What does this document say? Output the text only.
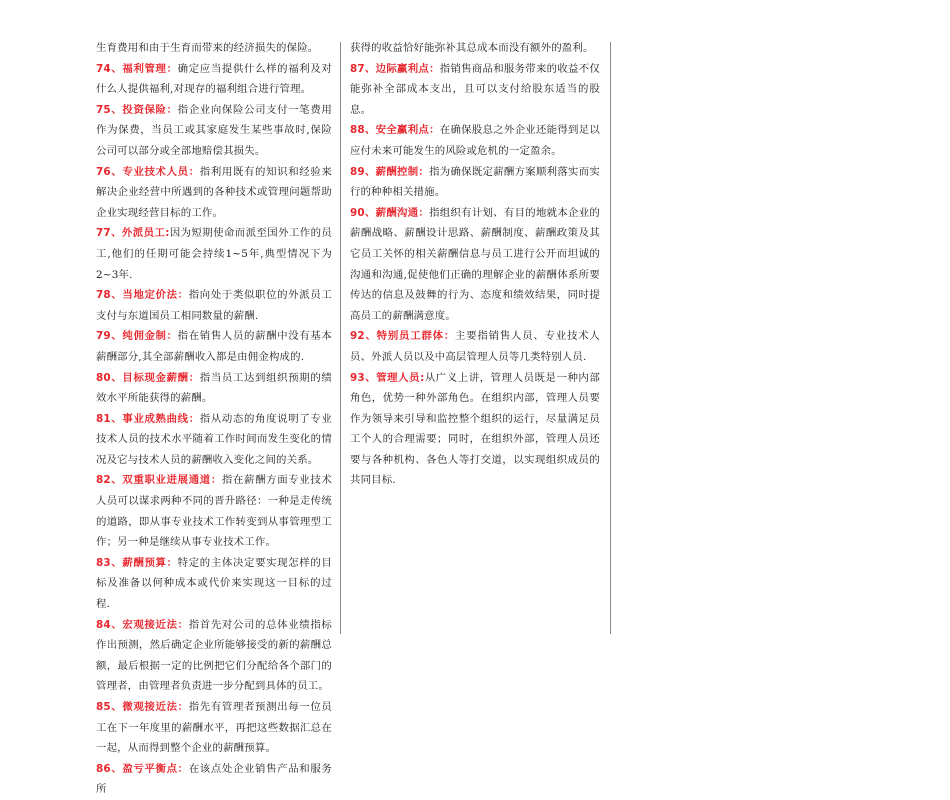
生育费用和由于生育而带来的经济损失的保险。

74、福利管理：确定应当提供什么样的福利及对什么人提供福利,对现存的福利组合进行管理。

75、投资保险：指企业向保险公司支付一笔费用作为保费，当员工或其家庭发生某些事故时,保险公司可以部分或全部地赔偿其损失。

76、专业技术人员：指利用既有的知识和经验来解决企业经营中所遇到的各种技术或管理问题帮助企业实现经营目标的工作。

77、外派员工:因为短期使命而派至国外工作的员工,他们的任期可能会持续1~5年,典型情况下为2~3年.

78、当地定价法：指向处于类似职位的外派员工支付与东道国员工相同数量的薪酬.

79、纯佣金制：指在销售人员的薪酬中没有基本薪酬部分,其全部薪酬收入都是由佣金构成的.

80、目标现金薪酬：指当员工达到组织预期的绩效水平所能获得的薪酬。

81、事业成熟曲线：指从动态的角度说明了专业技术人员的技术水平随着工作时间而发生变化的情况及它与技术人员的薪酬收入变化之间的关系。

82、双重职业进展通道：指在薪酬方面专业技术人员可以谋求两种不同的晋升路径：一种是走传统的道路，即从事专业技术工作转变到从事管理型工作；另一种是继续从事专业技术工作。

83、薪酬预算：特定的主体决定要实现怎样的目标及准备以何种成本或代价来实现这一目标的过程.

84、宏观接近法：指首先对公司的总体业绩指标作出预测，然后确定企业所能够接受的新的薪酬总额，最后根据一定的比例把它们分配给各个部门的管理者，由管理者负责进一步分配到具体的员工。

85、微观接近法：指先有管理者预测出每一位员工在下一年度里的薪酬水平，再把这些数据汇总在一起，从而得到整个企业的薪酬预算。

86、盈亏平衡点：在该点处企业销售产品和服务所

获得的收益恰好能弥补其总成本而没有额外的盈利。

87、边际赢利点：指销售商品和服务带来的收益不仅能弥补全部成本支出，且可以支付给股东适当的股息。

88、安全赢利点：在确保股息之外企业还能得到足以应付未来可能发生的风险或危机的一定盈余。

89、薪酬控制：指为确保既定薪酬方案顺利落实而实行的种种相关措施。

90、薪酬沟通：指组织有计划、有目的地就本企业的薪酬战略、薪酬设计思路、薪酬制度、薪酬政策及其它员工关怀的相关薪酬信息与员工进行公开而坦诚的沟通和沟通,促使他们正确的理解企业的薪酬体系所要传达的信息及鼓舞的行为、态度和绩效结果，同时提高员工的薪酬满意度。

92、特别员工群体：主要指销售人员、专业技术人员、外派人员以及中高层管理人员等几类特别人员.

93、管理人员:从广义上讲，管理人员既是一种内部角色，优势一种外部角色。在组织内部，管理人员要作为领导来引导和监控整个组织的运行，尽量满足员工个人的合理需要；同时，在组织外部，管理人员还要与各种机构、各色人等打交道，以实现组织成员的共同目标.
